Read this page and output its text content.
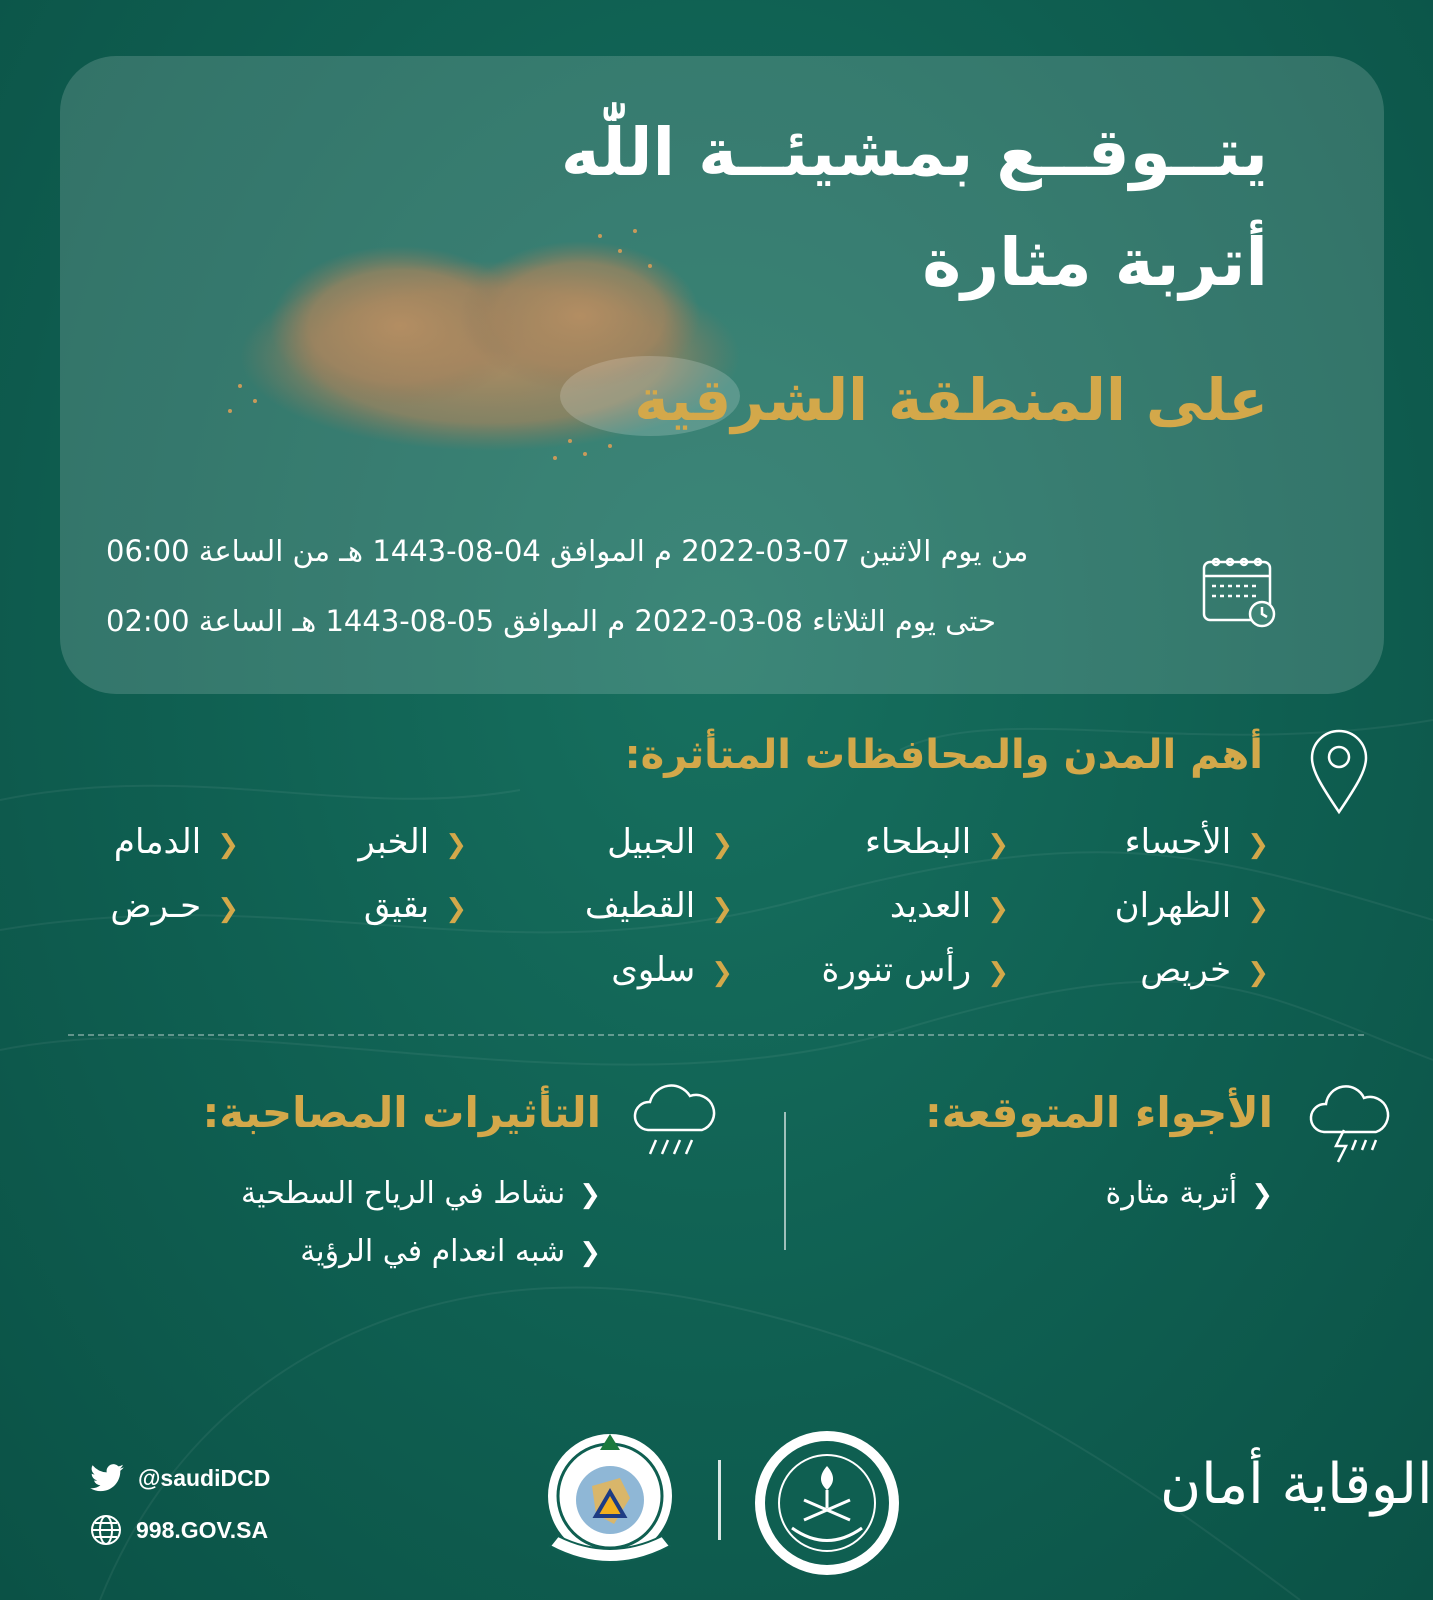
يتــوقــع بمشيئــة اللّٰه
أتربة مثارة
على المنطقة الشرقية
من يوم الاثنين 07-03-2022 م الموافق 04-08-1443 هـ من الساعة 06:00
حتى يوم الثلاثاء 08-03-2022 م الموافق 05-08-1443 هـ الساعة 02:00
أهم المدن والمحافظات المتأثرة:
❮الأحساء
❮البطحاء
❮الجبيل
❮الخبر
❮الدمام
❮الظهران
❮العديد
❮القطيف
❮بقيق
❮حـرض
❮خريص
❮رأس تنورة
❮سلوى
الأجواء المتوقعة:
❮أتربة مثارة
التأثيرات المصاحبة:
❮نشاط في الرياح السطحية
❮شبه انعدام في الرؤية
@saudiDCD
998.GOV.SA
الوقاية أمان
